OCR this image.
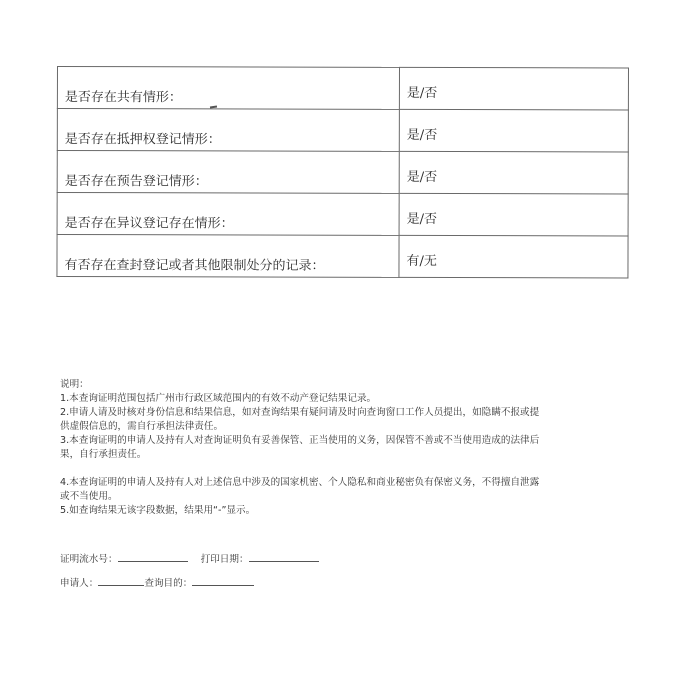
是否存在共有情形：	是/否

是否存在抵押权登记情形：	是/否

是否存在预告登记情形：	是/否

是否存在异议登记存在情形：	是/否

有否存在查封登记或者其他限制处分的记录：	有/无
说明：
1.本查询证明范围包括广州市行政区域范围内的有效不动产登记结果记录。
2.申请人请及时核对身份信息和结果信息，如对查询结果有疑问请及时向查询窗口工作人员提出，如隐瞒不报或提
供虚假信息的，需自行承担法律责任。
3.本查询证明的申请人及持有人对查询证明负有妥善保管、正当使用的义务，因保管不善或不当使用造成的法律后
果，自行承担责任。
4.本查询证明的申请人及持有人对上述信息中涉及的国家机密、个人隐私和商业秘密负有保密义务，不得擅自泄露
或不当使用。
5.如查询结果无该字段数据，结果用“-”显示。
证明流水号：	打印日期：
申请人：	查询目的：
